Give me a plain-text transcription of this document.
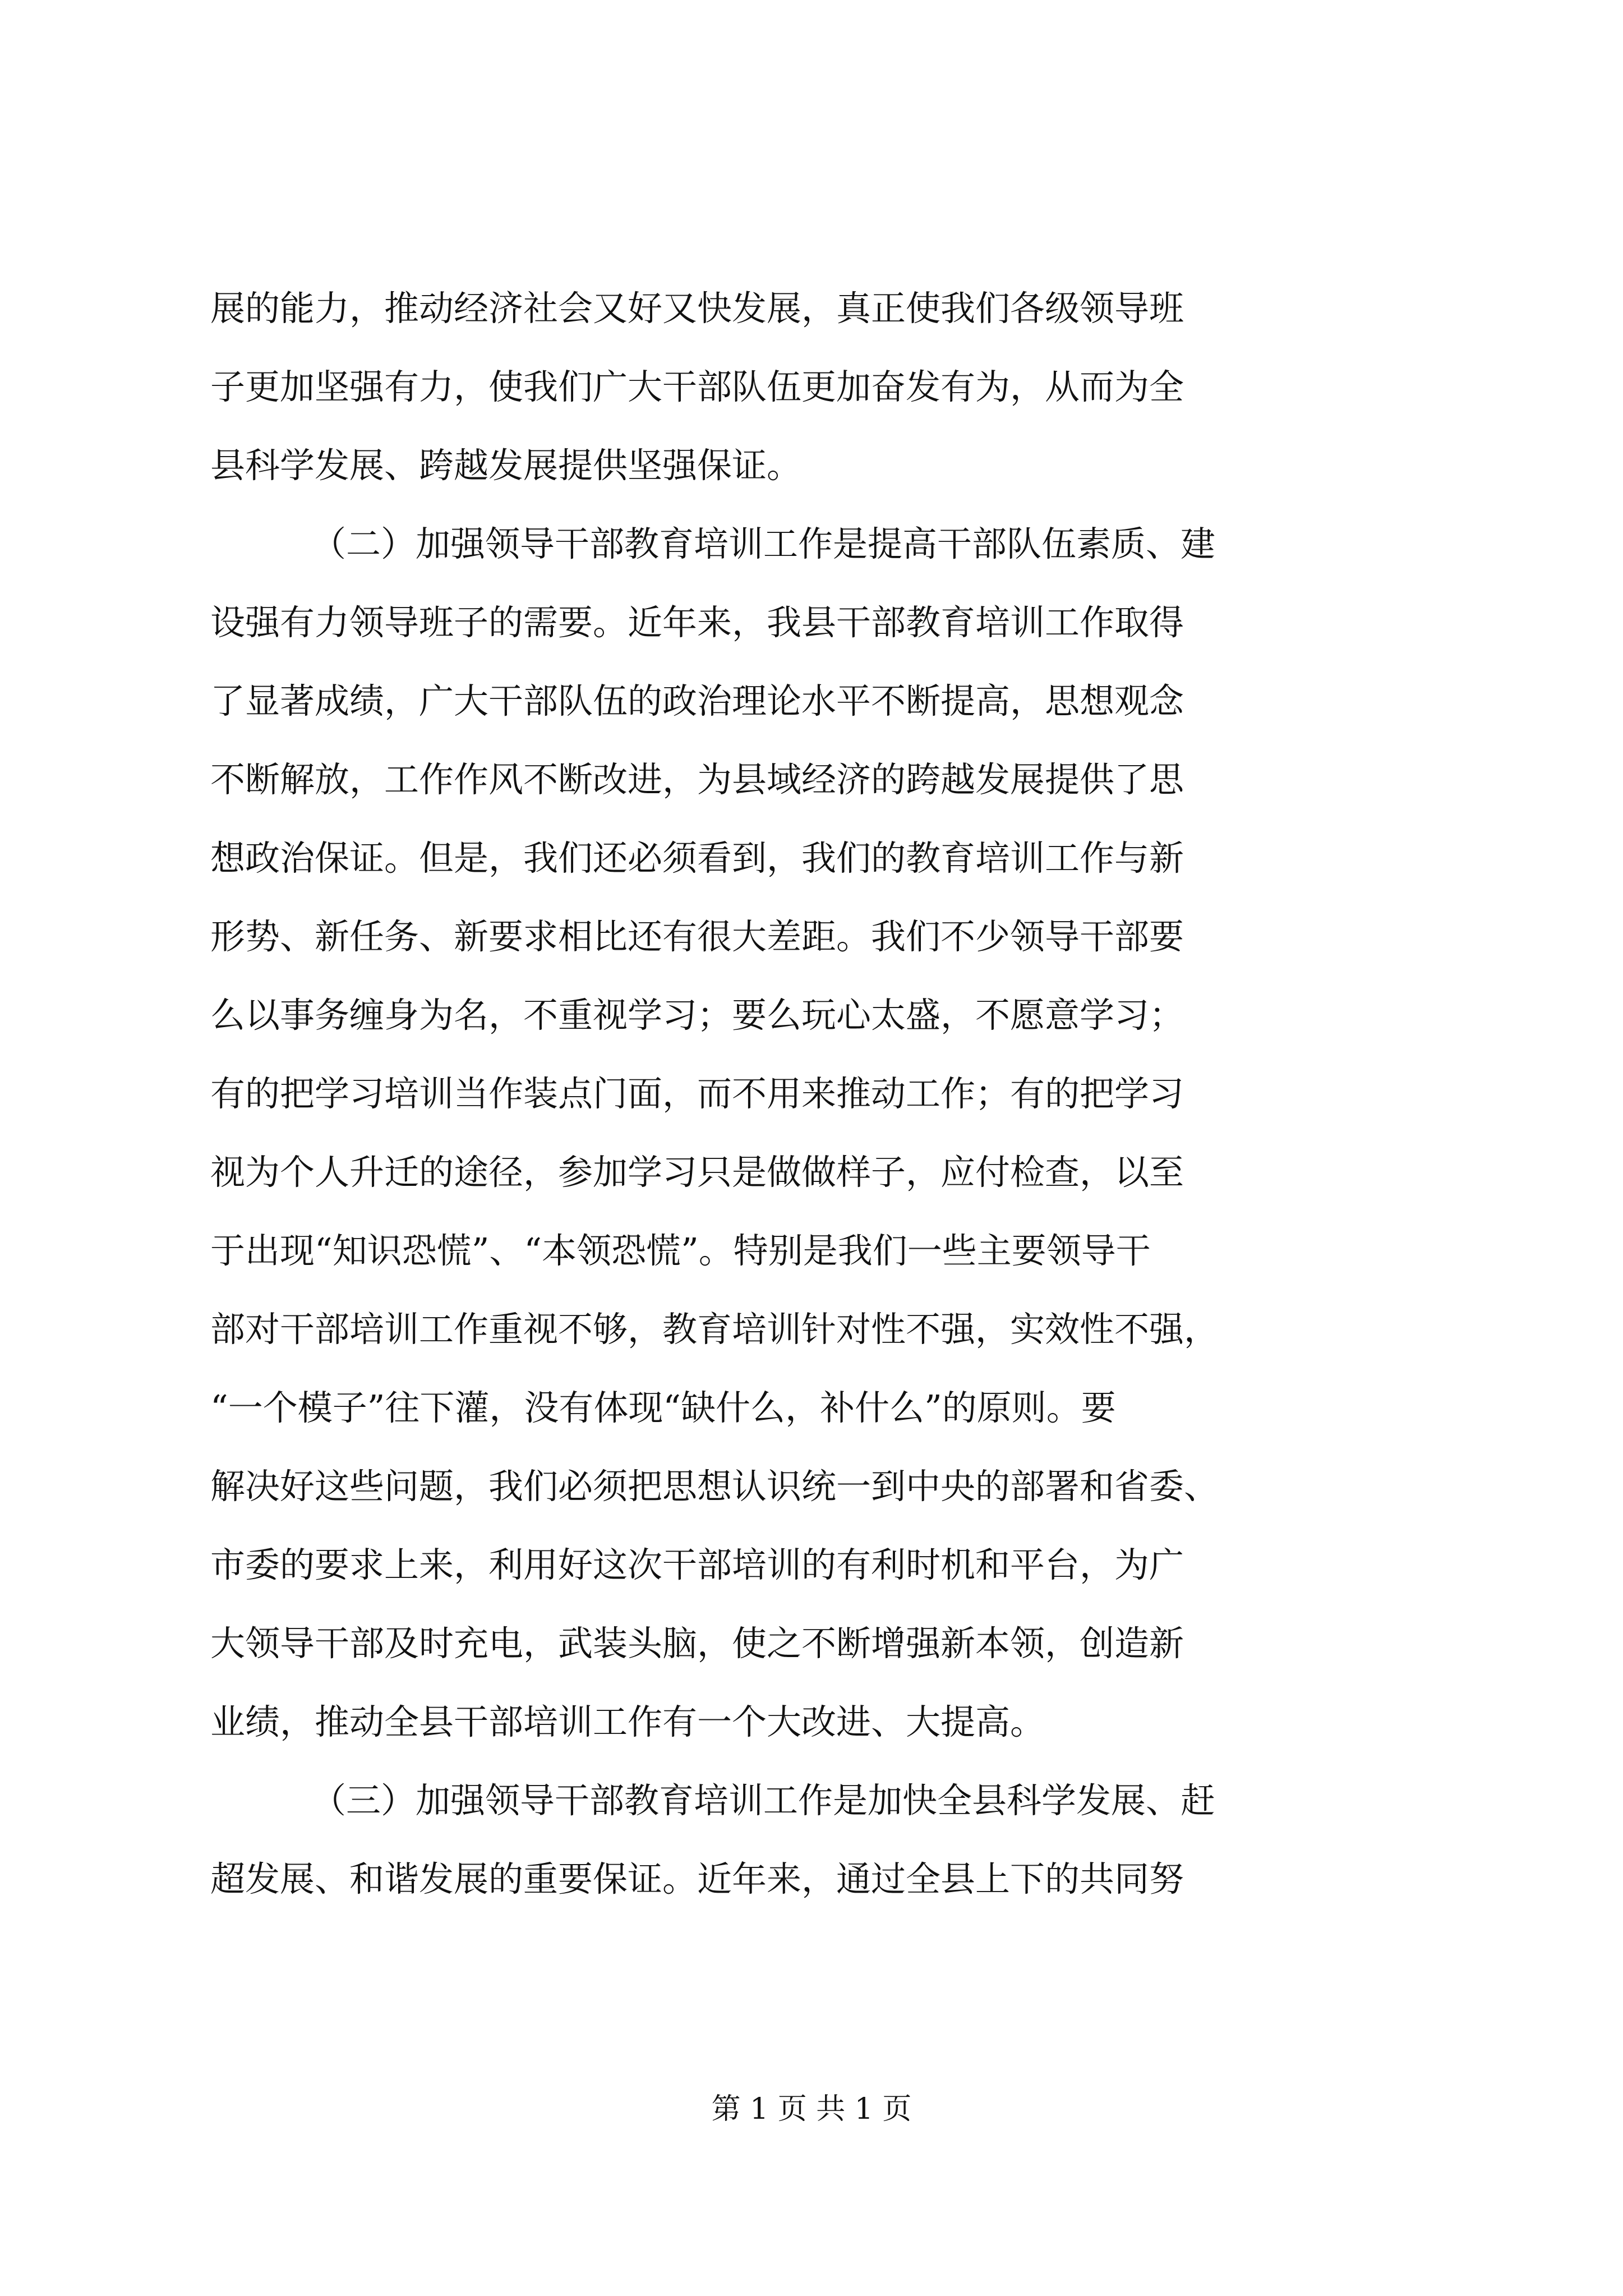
展的能力，推动经济社会又好又快发展，真正使我们各级领导班
子更加坚强有力，使我们广大干部队伍更加奋发有为，从而为全
县科学发展、跨越发展提供坚强保证。
（二）加强领导干部教育培训工作是提高干部队伍素质、建
设强有力领导班子的需要。近年来，我县干部教育培训工作取得
了显著成绩，广大干部队伍的政治理论水平不断提高，思想观念
不断解放，工作作风不断改进，为县域经济的跨越发展提供了思
想政治保证。但是，我们还必须看到，我们的教育培训工作与新
形势、新任务、新要求相比还有很大差距。我们不少领导干部要
么以事务缠身为名，不重视学习；要么玩心太盛，不愿意学习；
有的把学习培训当作装点门面，而不用来推动工作；有的把学习
视为个人升迁的途径，参加学习只是做做样子，应付检查，以至
于出现“知识恐慌”、“本领恐慌”。特别是我们一些主要领导干
部对干部培训工作重视不够，教育培训针对性不强，实效性不强，
“一个模子”往下灌，没有体现“缺什么，补什么”的原则。要
解决好这些问题，我们必须把思想认识统一到中央的部署和省委、
市委的要求上来，利用好这次干部培训的有利时机和平台，为广
大领导干部及时充电，武装头脑，使之不断增强新本领，创造新
业绩，推动全县干部培训工作有一个大改进、大提高。
（三）加强领导干部教育培训工作是加快全县科学发展、赶
超发展、和谐发展的重要保证。近年来，通过全县上下的共同努
第 1 页 共 1 页
